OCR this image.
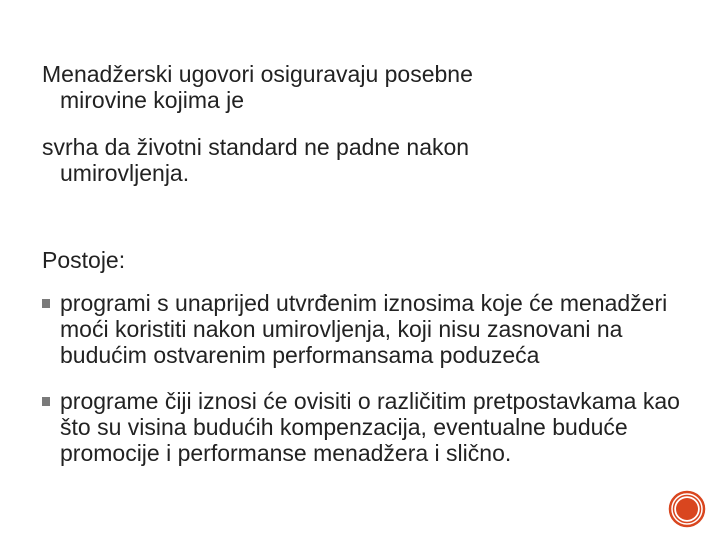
Menadžerski ugovori osiguravaju posebne
mirovine kojima je

svrha da životni standard ne padne nakon
umirovljenja.

Postoje:

programi s unaprijed utvrđenim iznosima koje će menadžeri moći koristiti nakon umirovljenja, koji nisu zasnovani na budućim ostvarenim performansama poduzeća
programe čiji iznosi će ovisiti o različitim pretpostavkama kao što su visina budućih kompenzacija, eventualne buduće promocije i performanse menadžera i slično.
